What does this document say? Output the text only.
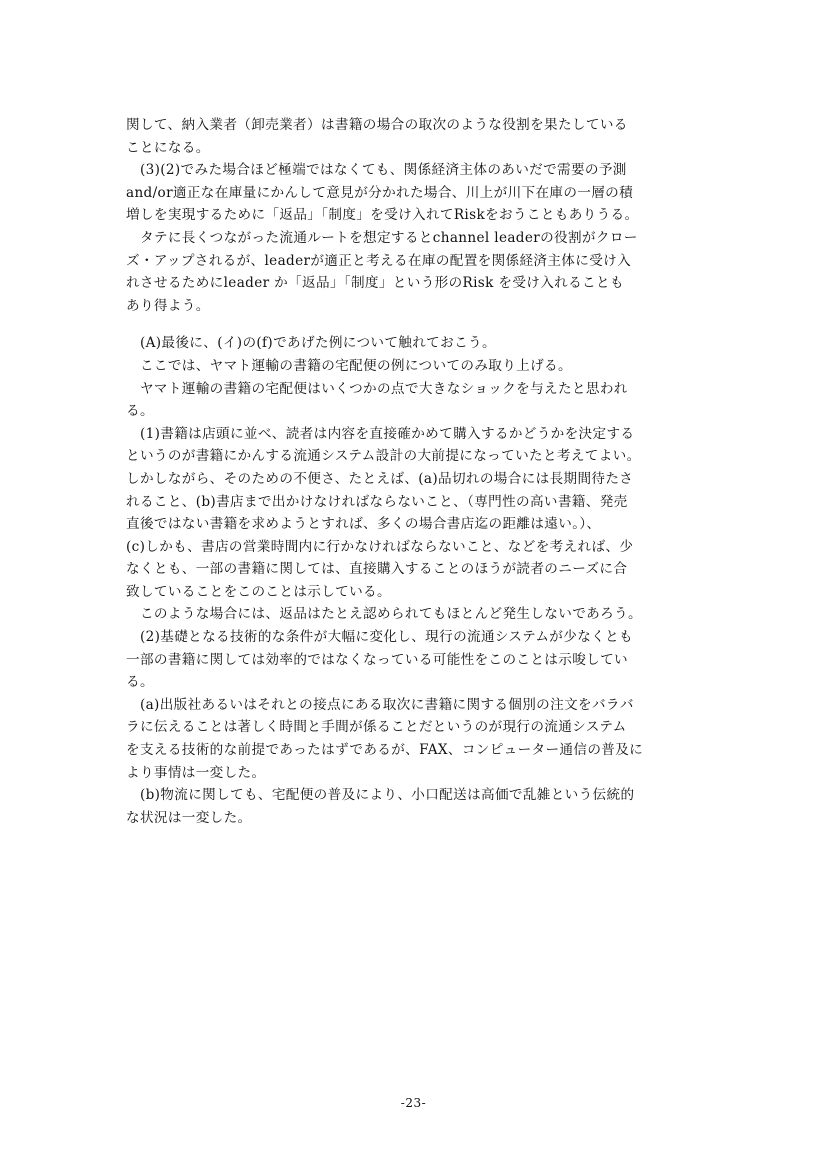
関して、納入業者（卸売業者）は書籍の場合の取次のような役割を果たしている
ことになる。
　(3)(2)でみた場合ほど極端ではなくても、関係経済主体のあいだで需要の予測
and/or適正な在庫量にかんして意見が分かれた場合、川上が川下在庫の一層の積
増しを実現するために「返品」「制度」を受け入れてRiskをおうこともありうる。
　タテに長くつながった流通ルートを想定するとchannel leaderの役割がクロー
ズ・アップされるが、leaderが適正と考える在庫の配置を関係経済主体に受け入
れさせるためにleader か「返品」「制度」という形のRisk を受け入れることも
あり得よう。
　(A)最後に、(イ)の(f)であげた例について触れておこう。
　ここでは、ヤマト運輸の書籍の宅配便の例についてのみ取り上げる。
　ヤマト運輸の書籍の宅配便はいくつかの点で大きなショックを与えたと思われ
る。
　(1)書籍は店頭に並べ、読者は内容を直接確かめて購入するかどうかを決定する
というのが書籍にかんする流通システム設計の大前提になっていたと考えてよい。
しかしながら、そのための不便さ、たとえば、(a)品切れの場合には長期間待たさ
れること、(b)書店まで出かけなければならないこと、（専門性の高い書籍、発売
直後ではない書籍を求めようとすれば、多くの場合書店迄の距離は遠い。）、
(c)しかも、書店の営業時間内に行かなければならないこと、などを考えれば、少
なくとも、一部の書籍に関しては、直接購入することのほうが読者のニーズに合
致していることをこのことは示している。
　このような場合には、返品はたとえ認められてもほとんど発生しないであろう。
　(2)基礎となる技術的な条件が大幅に変化し、現行の流通システムが少なくとも
一部の書籍に関しては効率的ではなくなっている可能性をこのことは示唆してい
る。
　(a)出版社あるいはそれとの接点にある取次に書籍に関する個別の注文をバラバ
ラに伝えることは著しく時間と手間が係ることだというのが現行の流通システム
を支える技術的な前提であったはずであるが、FAX、コンピューター通信の普及に
より事情は一変した。
　(b)物流に関しても、宅配便の普及により、小口配送は高価で乱雑という伝統的
な状況は一変した。
-23-
